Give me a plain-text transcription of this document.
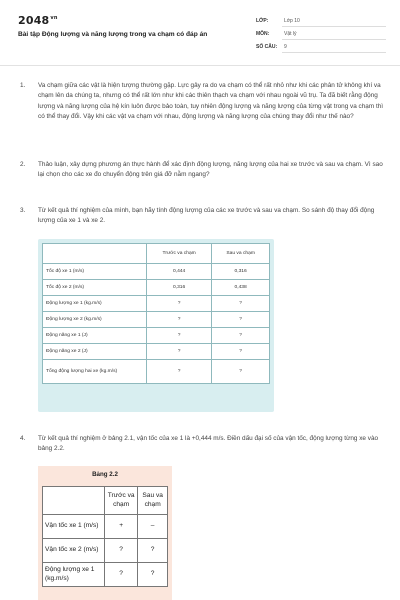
$2048^{vn}$
Bài tập Động lượng và năng lượng trong va chạm có đáp án
LỚP:	Lớp 10
MÔN:	Vật lý
SỐ CÂU: 9
1. Va chạm giữa các vật là hiện tượng thường gặp. Lực gây ra do va chạm có thể rất nhỏ như khi các phân tử không khí va chạm lên da chúng ta, nhưng có thể rất lớn như khi các thiên thạch va chạm với nhau ngoài vũ trụ. Ta đã biết rằng động lượng và năng lượng của hệ kín luôn được bảo toàn, tuy nhiên động lượng và năng lượng của từng vật trong va chạm thì có thể thay đổi. Vậy khi các vật va chạm với nhau, động lượng và năng lượng của chúng thay đổi như thế nào?
2. Thảo luận, xây dựng phương án thực hành để xác định động lượng, năng lượng của hai xe trước và sau va chạm. Vì sao lại chọn cho các xe đo chuyển động trên giá đỡ nằm ngang?
3. Từ kết quả thí nghiệm của mình, bạn hãy tính động lượng của các xe trước và sau va chạm. So sánh độ thay đổi động lượng của xe 1 và xe 2.
	Trước va chạm	Sau va chạm
Tốc độ xe 1 (m/s)	0,444	0,316
Tốc độ xe 2 (m/s)	0,316	0,438
Động lượng xe 1 (kg.m/s)	?	?
Động lượng xe 2 (kg.m/s)	?	?
Động năng xe 1 (J)	?	?
Động năng xe 2 (J)	?	?
Tổng động lượng hai xe (kg.m/s)	?	?
4. Từ kết quả thí nghiệm ở bảng 2.1, vận tốc của xe 1 là +0,444 m/s. Điền dấu đại số của vận tốc, động lượng từng xe vào bảng 2.2.
Bảng 2.2
	Trước va chạm	Sau va chạm
Vận tốc xe 1 (m/s)	+	–
Vận tốc xe 2 (m/s)	?	?
Động lượng xe 1 (kg.m/s)	?	?
